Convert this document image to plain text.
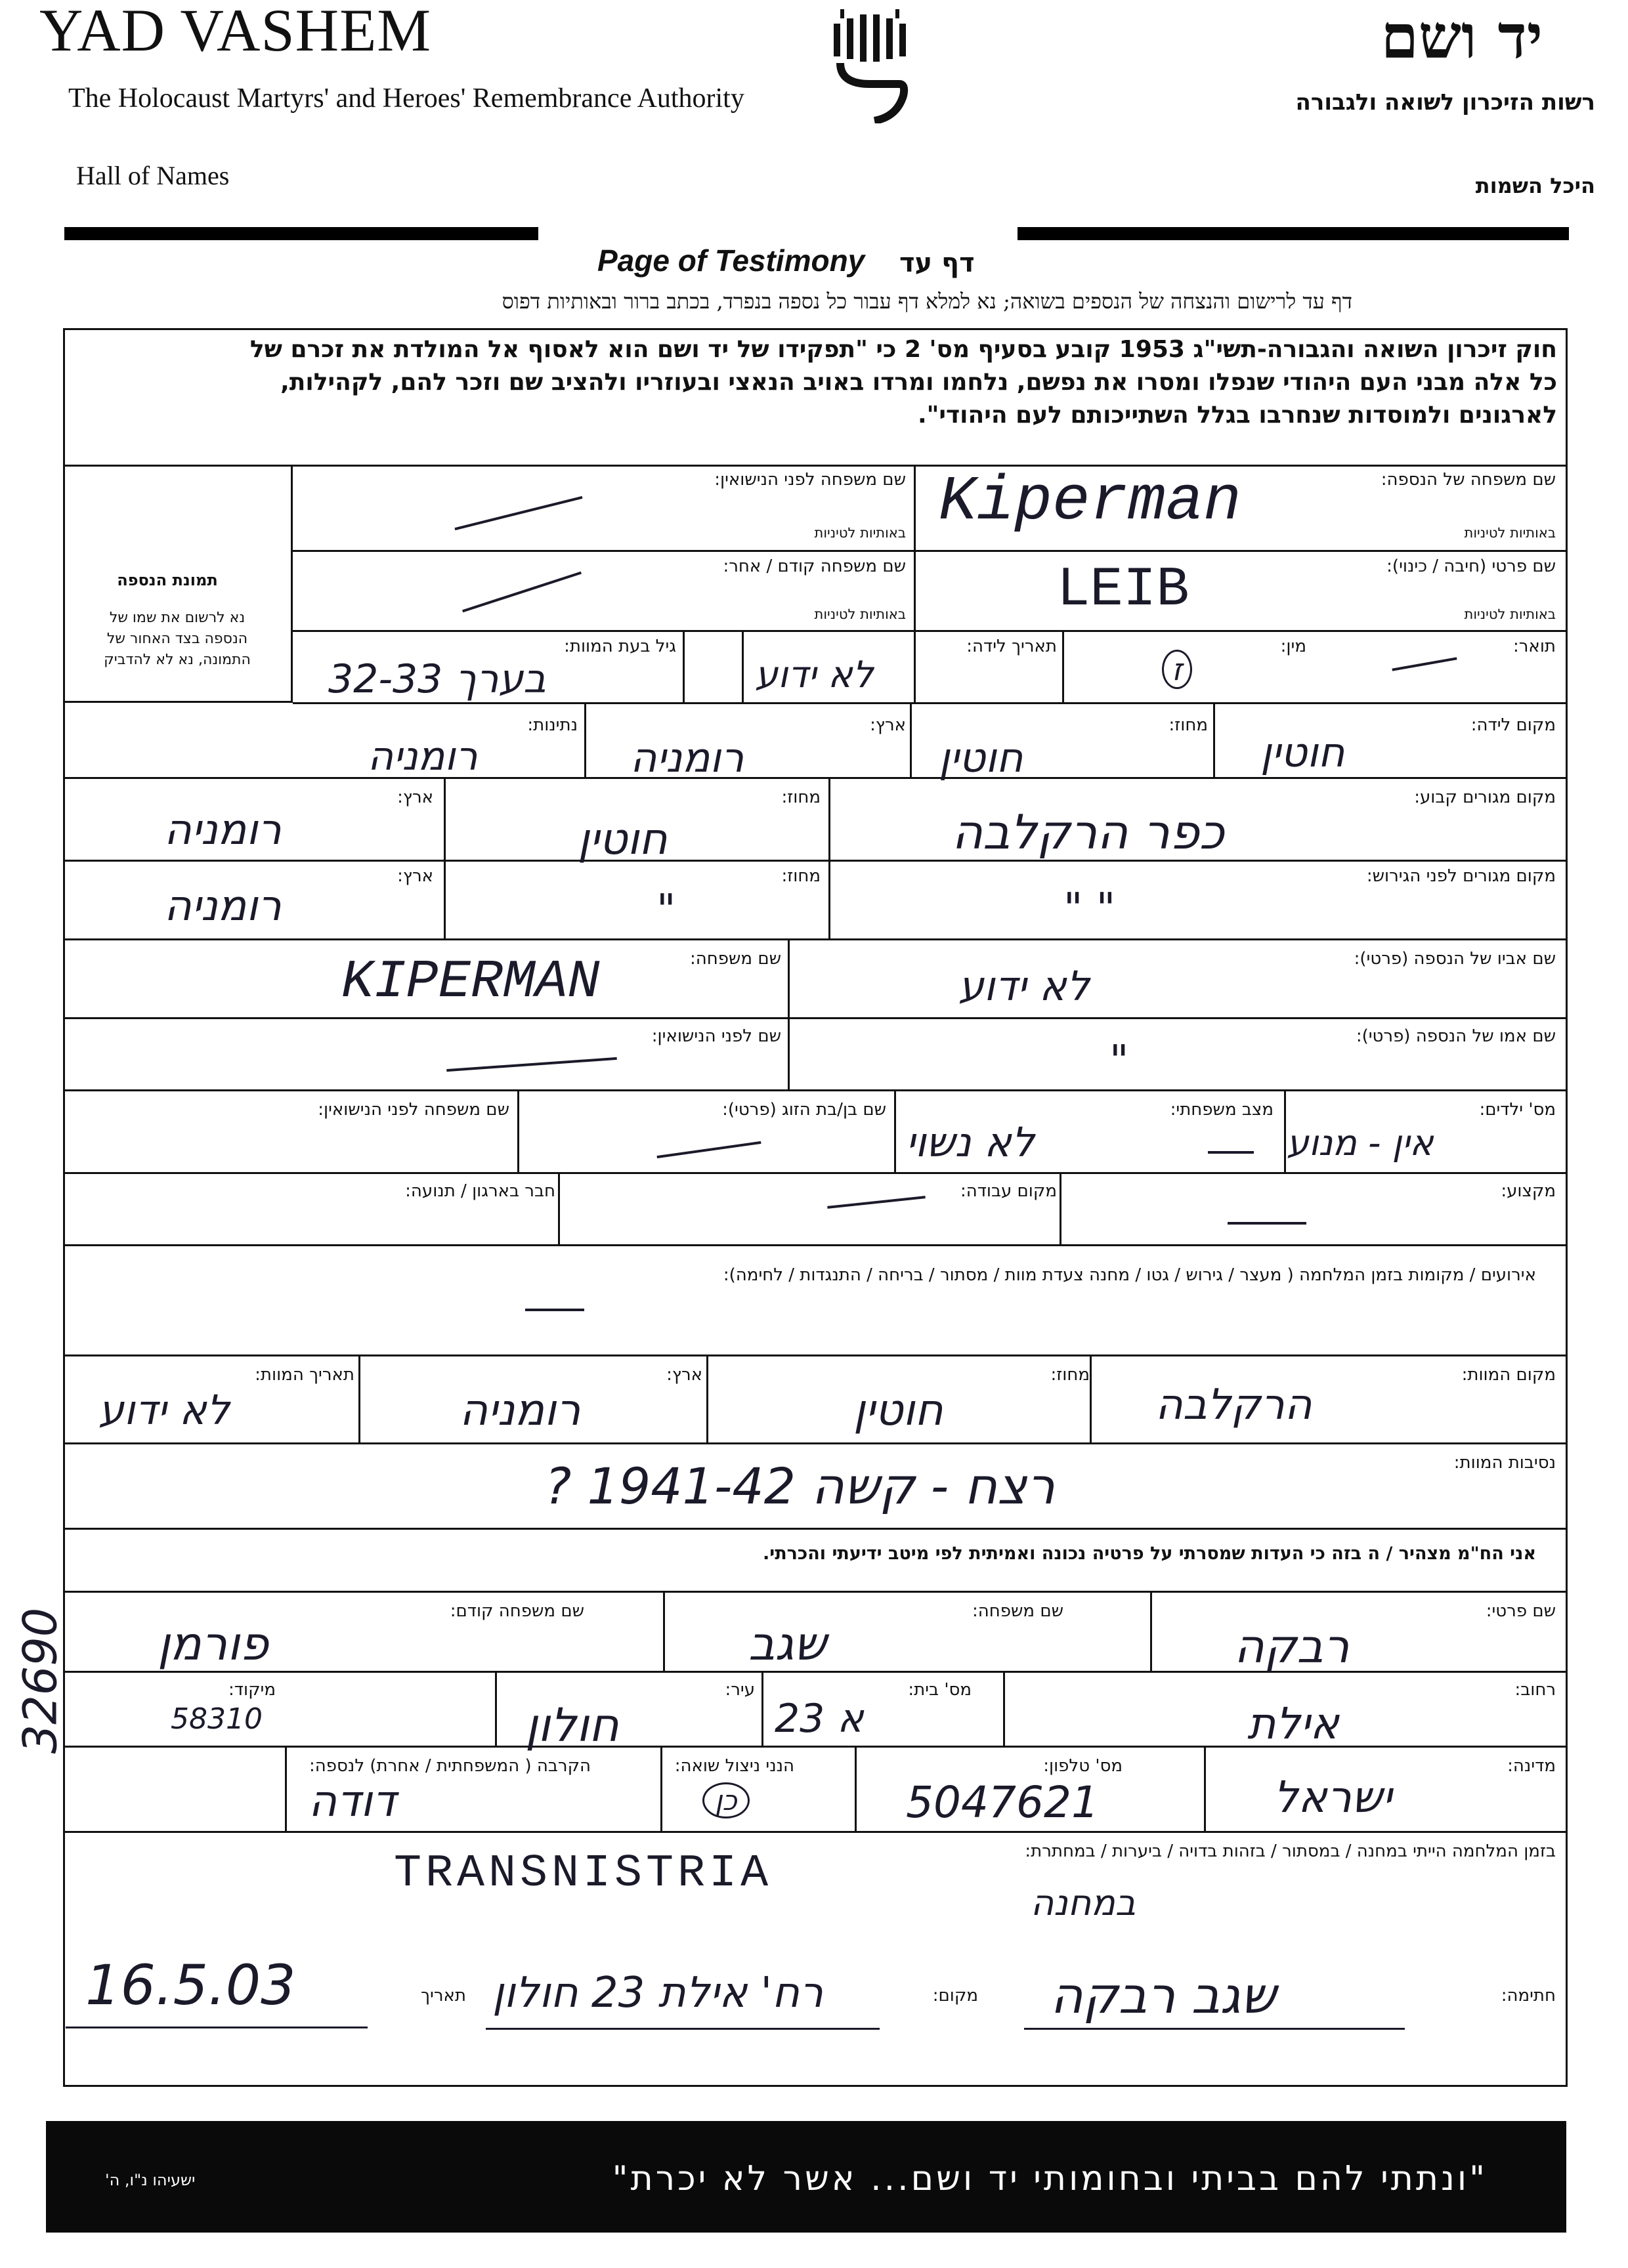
YAD VASHEM
The Holocaust Martyrs' and Heroes' Remembrance Authority
Hall of Names
יד ושם
רשות הזיכרון לשואה ולגבורה
היכל השמות
Page of Testimony דף עד
דף עד לרישום והנצחה של הנספים בשואה; נא למלא דף עבור כל נספה בנפרד, בכתב ברור ובאותיות דפוס
חוק זיכרון השואה והגבורה-תשי"ג 1953 קובע בסעיף מס' 2 כי "תפקידו של יד ושם הוא לאסוף אל המולדת את זכרם של
כל אלה מבני העם היהודי שנפלו ומסרו את נפשם, נלחמו ומרדו באויב הנאצי ובעוזריו ולהציב שם וזכר להם, לקהילות,
לארגונים ולמוסדות שנחרבו בגלל השתייכותם לעם היהודי".
תמונת הנספה
נא לרשום את שמו של
הנספה בצד האחור של
התמונה, נא לא להדביק
שם משפחה של הנספה:
באותיות לטיניות
Kiperman
שם משפחה לפני הנישואין:
באותיות לטיניות
שם פרטי (חיבה / כינוי):
באותיות לטיניות
LEIB
שם משפחה קודם / אחר:
באותיות לטיניות
תואר:
מין:
ז
תאריך לידה:
לא ידוע
גיל בעת המוות:
32-33 בערך
מקום לידה:
חוטין
מחוז:
חוטין
ארץ:
רומניה
נתינות:
רומניה
מקום מגורים קבוע:
כפר הרקלבה
מחוז:
חוטין
ארץ:
רומניה
מקום מגורים לפני הגירוש:
" "
מחוז:
"
ארץ:
רומניה
שם אביו של הנספה (פרטי):
לא ידוע
שם משפחה:
KIPERMAN
שם אמו של הנספה (פרטי):
"
שם לפני הנישואין:
מס' ילדים:
אין - מנוע
מצב משפחתי:
לא נשוי
שם בן/בת הזוג (פרטי):
שם משפחה לפני הנישואין:
מקצוע:
מקום עבודה:
חבר בארגון / תנועה:
אירועים / מקומות בזמן המלחמה ( מעצר / גירוש / גטו / מחנה צעדת מוות / מסתור / בריחה / התנגדות / לחימה):
מקום המוות:
הרקלבה
מחוז:
חוטין
ארץ:
רומניה
תאריך המוות:
לא ידוע
נסיבות המוות:
רצח - קשה 1941-42 ?
אני הח"מ מצהיר / ה בזה כי העדות שמסרתי על פרטיה נכונה ואמיתית לפי מיטב ידיעתי והכרתי.
שם פרטי:
רבקה
שם משפחה:
שגב
שם משפחה קודם:
פורמן
רחוב:
אילת
מס' בית:
23 א
עיר:
חולון
מיקוד:
58310
מדינה:
ישראל
מס' טלפון:
5047621
הנני ניצול שואה:
כן
הקרבה ( המשפחתית / אחרת) לנספה:
דודה
בזמן המלחמה הייתי במחנה / במסתור / בזהות בדויה / ביערות / במחתרת:
TRANSNISTRIA
במחנה
חתימה:
שגב רבקה
מקום:
רח' אילת 23 חולון
תאריך
16.5.03
32690
"ונתתי להם בביתי ובחומותי יד ושם... אשר לא יכרת"
ישעיהו נ"ו, ה'
